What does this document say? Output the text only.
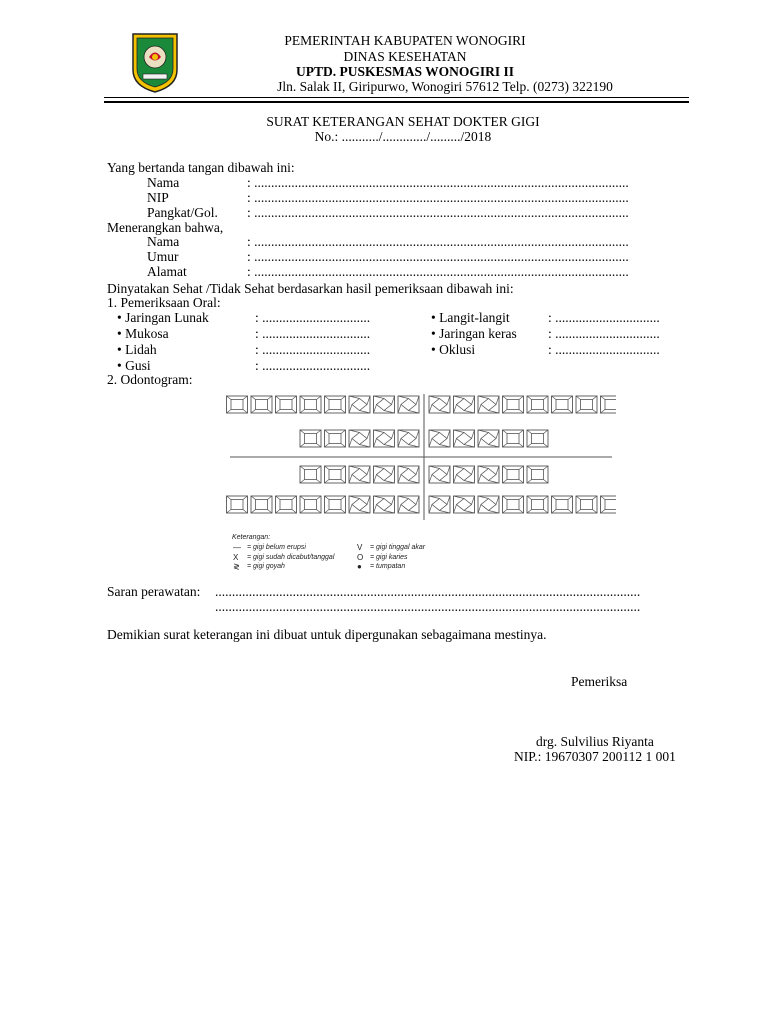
PEMERINTAH KABUPATEN WONOGIRI
DINAS KESEHATAN
UPTD. PUSKESMAS WONOGIRI II
Jln. Salak II, Giripurwo, Wonogiri 57612 Telp. (0273) 322190
SURAT KETERANGAN SEHAT DOKTER GIGI
No.: .........../............./........./2018
Yang bertanda tangan dibawah ini:
Nama	: ...............................................................................................................
NIP	: ...............................................................................................................
Pangkat/Gol. : ...............................................................................................................
Menerangkan bahwa,
Nama	: ...............................................................................................................
Umur	: ...............................................................................................................
Alamat	: ...............................................................................................................
Dinyatakan Sehat /Tidak Sehat berdasarkan hasil pemeriksaan dibawah ini:
1. Pemeriksaan Oral:
• Jaringan Lunak	: ................................
• Mukosa	: ................................
• Lidah	: ................................
• Gusi	: ................................
• Langit-langit	: ...............................
• Jaringan keras : ...............................
• Oklusi	: ...............................
2. Odontogram:
Keterangan:
— = gigi belum erupsi
X = gigi sudah dicabut/tanggal
≷ = gigi goyah
V = gigi tinggal akar
O = gigi karies
● = tumpatan
Saran perawatan: ..............................................................................................................................
..............................................................................................................................
Demikian surat keterangan ini dibuat untuk dipergunakan sebagaimana mestinya.
Pemeriksa
drg. Sulvilius Riyanta
NIP.: 19670307 200112 1 001
